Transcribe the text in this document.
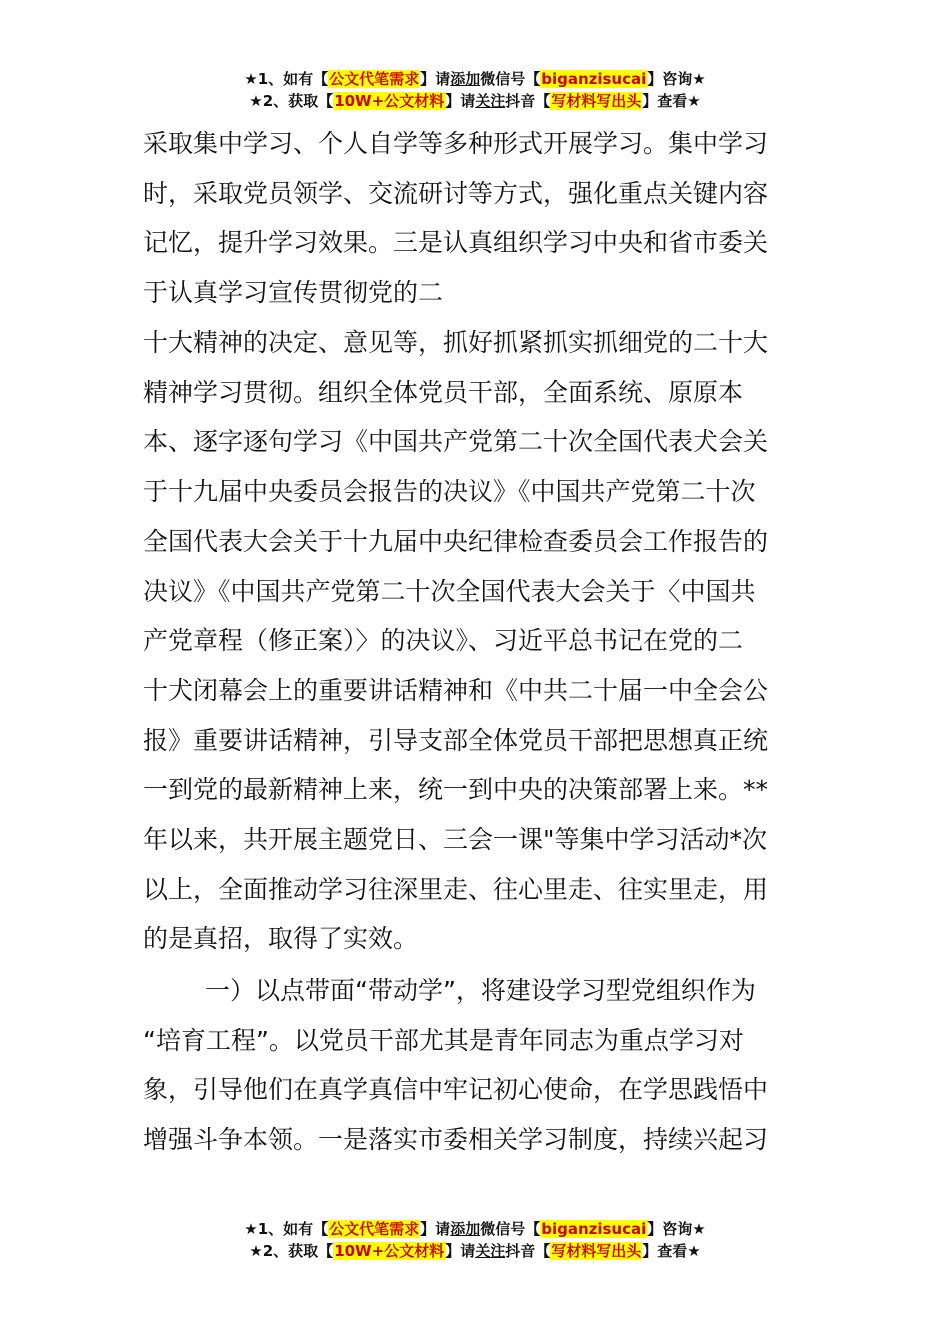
★1、如有【公文代笔需求】请添加微信号【biganzisucai】咨询★
★2、获取【10W+公文材料】请关注抖音【写材料写出头】查看★

采取集中学习、个人自学等多种形式开展学习。集中学习

时，采取党员领学、交流研讨等方式，强化重点关键内容

记忆，提升学习效果。三是认真组织学习中央和省市委关

于认真学习宣传贯彻党的二

十大精神的决定、意见等，抓好抓紧抓实抓细党的二十大

精神学习贯彻。组织全体党员干部，全面系统、原原本

本、逐字逐句学习《中国共产党第二十次全国代表犬会关

于十九届中央委员会报告的决议》《中国共产党第二十次

全国代表大会关于十九届中央纪律检查委员会工作报告的

决议》《中国共产党第二十次全国代表大会关于〈中国共

产党章程（修正案）〉的决议》、习近平总书记在党的二

十犬闭幕会上的重要讲话精神和《中共二十届一中全会公

报》重要讲话精神，引导支部全体党员干部把思想真正统

一到党的最新精神上来，统一到中央的决策部署上来。**

年以来，共开展主题党日、三会一课"等集中学习活动*次

以上，全面推动学习往深里走、往心里走、往实里走，用

的是真招，取得了实效。

一）以点带面“带动学”，将建设学习型党组织作为

“培育工程”。以党员干部尤其是青年同志为重点学习对

象，引导他们在真学真信中牢记初心使命，在学思践悟中

增强斗争本领。一是落实市委相关学习制度，持续兴起习

★1、如有【公文代笔需求】请添加微信号【biganzisucai】咨询★
★2、获取【10W+公文材料】请关注抖音【写材料写出头】查看★
